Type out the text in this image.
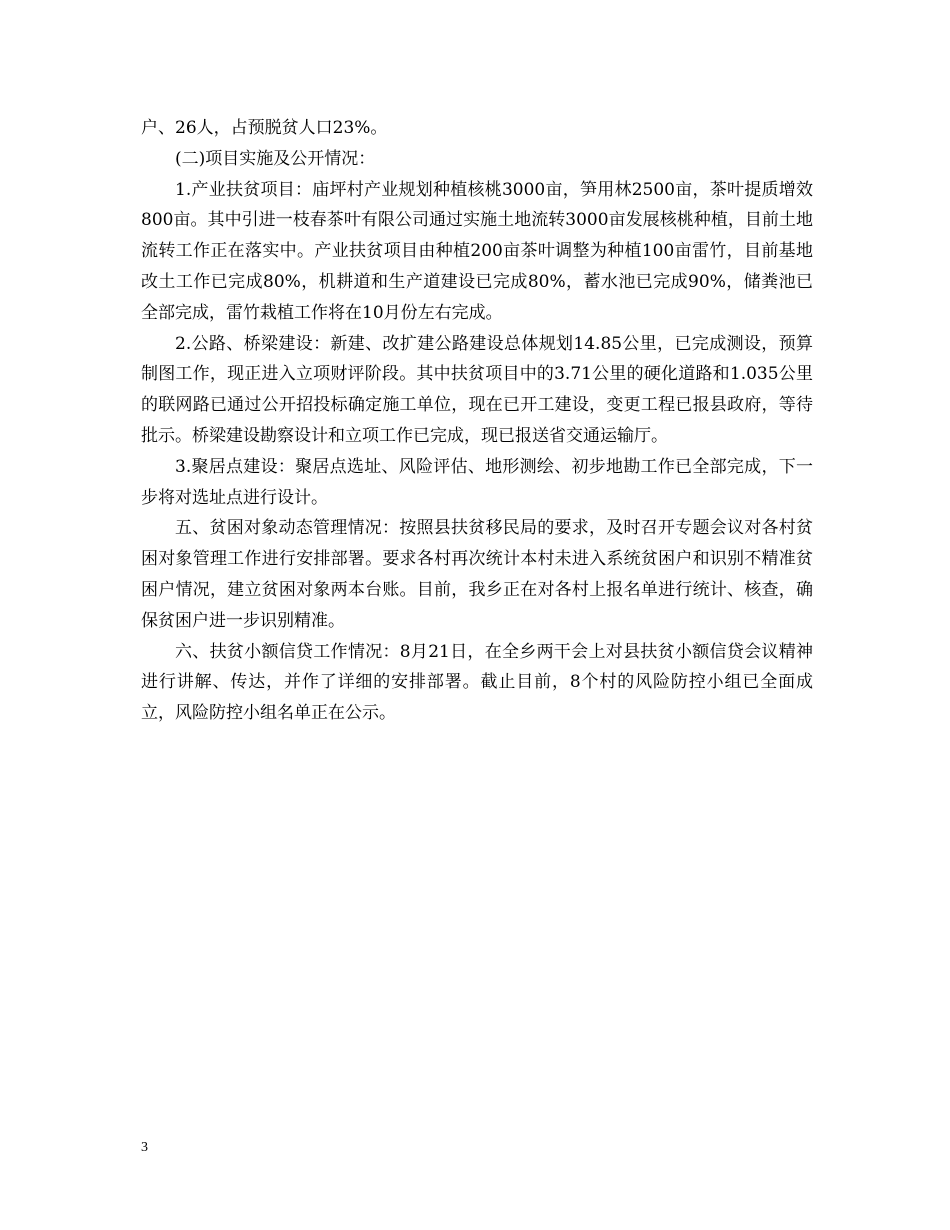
户、26人，占预脱贫人口23%。

(二)项目实施及公开情况：

1.产业扶贫项目：庙坪村产业规划种植核桃3000亩，笋用林2500亩，茶叶提质增效800亩。其中引进一枝春茶叶有限公司通过实施土地流转3000亩发展核桃种植，目前土地流转工作正在落实中。产业扶贫项目由种植200亩茶叶调整为种植100亩雷竹，目前基地改土工作已完成80%，机耕道和生产道建设已完成80%，蓄水池已完成90%，储粪池已全部完成，雷竹栽植工作将在10月份左右完成。

2.公路、桥梁建设：新建、改扩建公路建设总体规划14.85公里，已完成测设，预算制图工作，现正进入立项财评阶段。其中扶贫项目中的3.71公里的硬化道路和1.035公里的联网路已通过公开招投标确定施工单位，现在已开工建设，变更工程已报县政府，等待批示。桥梁建设勘察设计和立项工作已完成，现已报送省交通运输厅。

3.聚居点建设：聚居点选址、风险评估、地形测绘、初步地勘工作已全部完成，下一步将对选址点进行设计。

五、贫困对象动态管理情况：按照县扶贫移民局的要求，及时召开专题会议对各村贫困对象管理工作进行安排部署。要求各村再次统计本村未进入系统贫困户和识别不精准贫困户情况，建立贫困对象两本台账。目前，我乡正在对各村上报名单进行统计、核查，确保贫困户进一步识别精准。

六、扶贫小额信贷工作情况：8月21日，在全乡两干会上对县扶贫小额信贷会议精神进行讲解、传达，并作了详细的安排部署。截止目前，8个村的风险防控小组已全面成立，风险防控小组名单正在公示。

3
